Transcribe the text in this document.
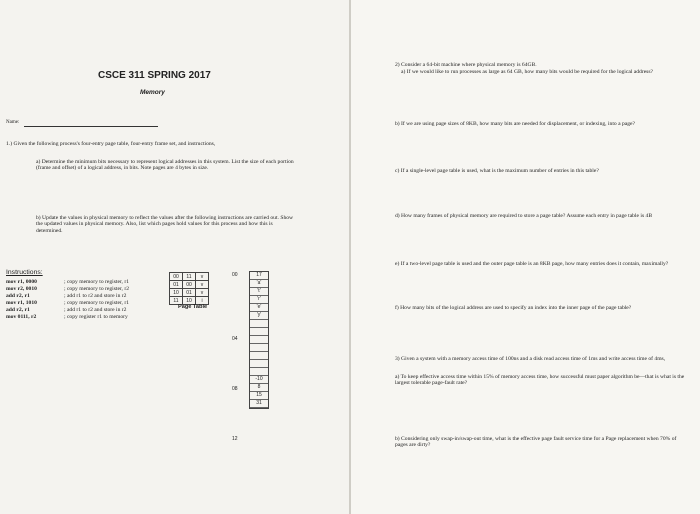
CSCE 311 SPRING 2017
Memory
Name:
1.) Given the following process's four-entry page table, four-entry frame set, and instructions,
a) Determine the minimum bits necessary to represent logical addresses in this system. List the size of each portion (frame and offset) of a logical address, in bits. Note pages are 4 bytes in size.
b) Update the values in physical memory to reflect the values after the following instructions are carried out. Show the updated values in physical memory. Also, list which pages hold values for this process and how this is determined.
Instructions:
mov r1, 0000	; copy memory to register, r1
mov r2, 0010	; copy memory to register, r2
add r2, r1	; add r1 to r2 and store in r2
mov r1, 1010	; copy memory to register, r1
add r2, r1	; add r1 to r2 and store in r2
mov 0111, r2	; copy register r1 to memory
00	11	v
01	00	v
10	01	v
11	10	i
Page Table
00
04
08
12
17
'a'
't'
'r'
'e'
'y'
-10
8
15
31
2) Consider a 64-bit machine where physical memory is 64GB.
a) If we would like to run processes as large as 64 GB, how many bits would be required for the logical address?
b) If we are using page sizes of 8KB, how many bits are needed for displacement, or indexing, into a page?
c) If a single-level page table is used, what is the maximum number of entries in this table?
d) How many frames of physical memory are required to store a page table? Assume each entry in page table is 4B
e) If a two-level page table is used and the outer page table is an 8KB page, how many entries does it contain, maximally?
f) How many bits of the logical address are used to specify an index into the inner page of the page table?
3) Given a system with a memory access time of 100ns and a disk read access time of 1ms and write access time of 4ms,
a) To keep effective access time within 15% of memory access time, how successful must paper algorithm be—that is what is the largest tolerable page-fault rate?
b) Considering only swap-in/swap-out time, what is the effective page fault service time for a Page replacement when 70% of pages are dirty?
